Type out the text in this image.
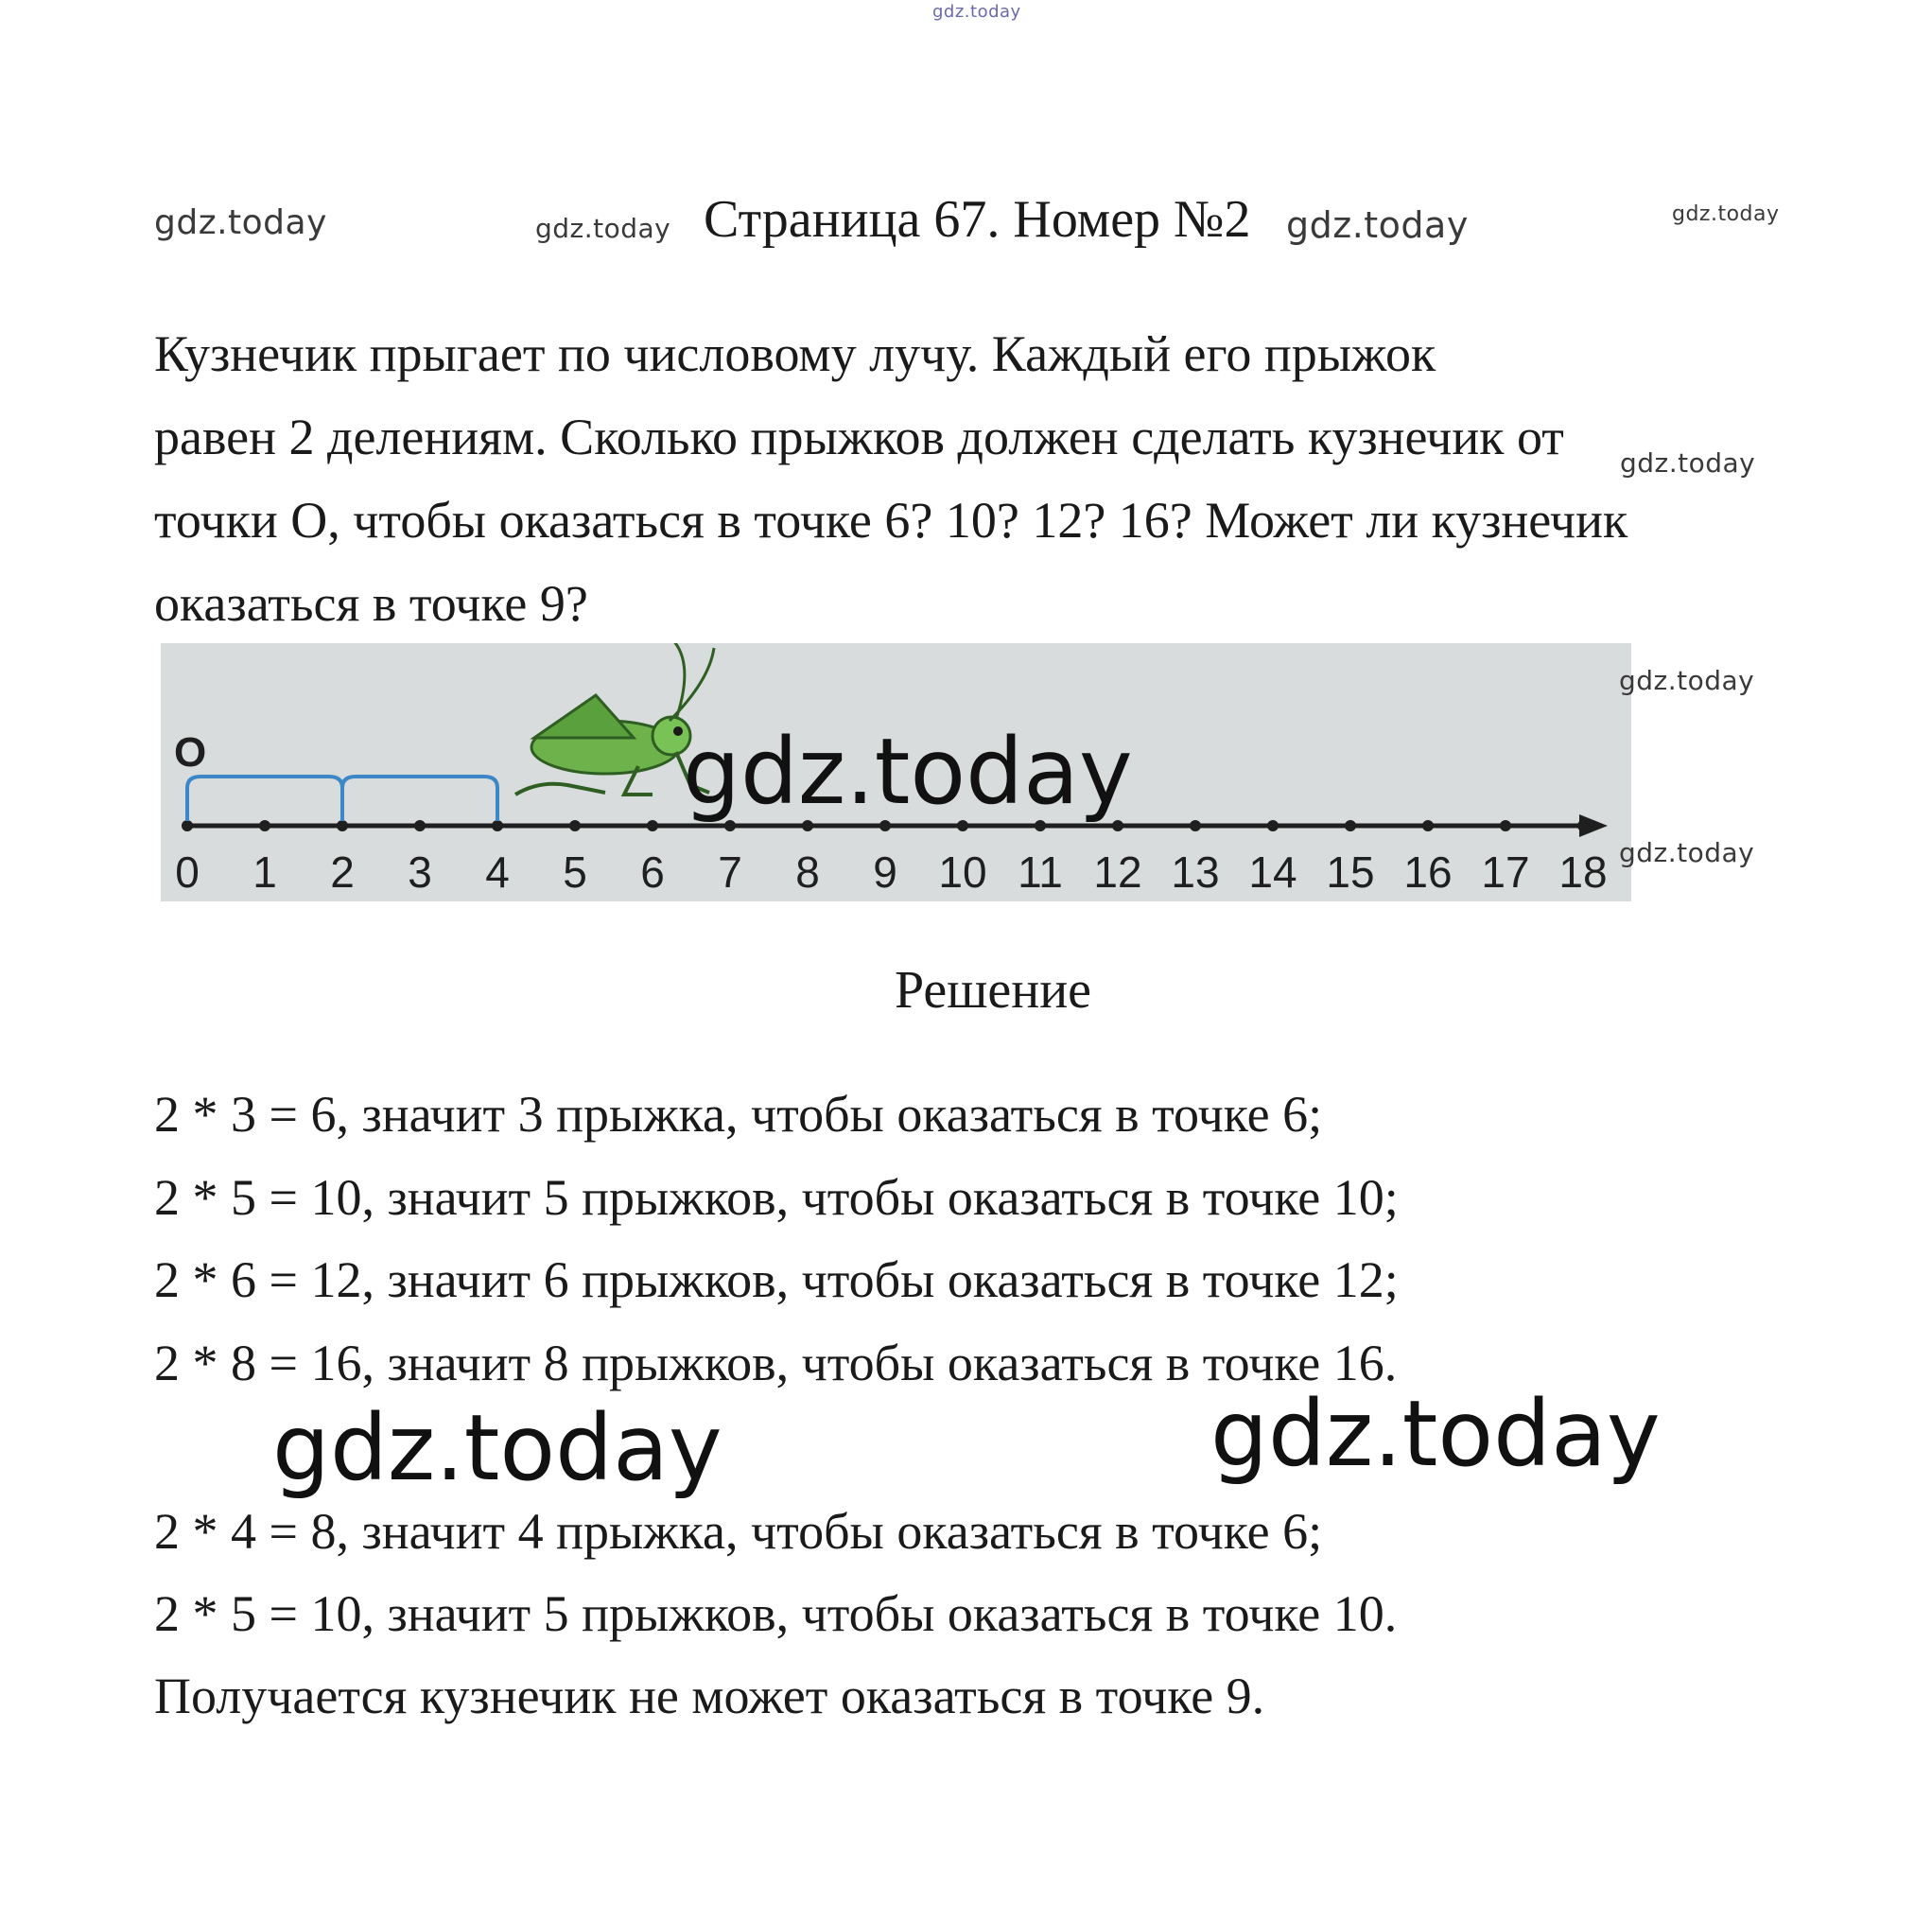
gdz.today
gdz.today	gdz.today	gdz.today	gdz.today
gdz.today
Страница 67. Номер №2

Кузнечик прыгает по числовому лучу. Каждый его прыжок

равен 2 делениям. Сколько прыжков должен сделать кузнечик от

точки О, чтобы оказаться в точке 6? 10? 12? 16? Может ли кузнечик

оказаться в точке 9?

O
0 1 2 3 4 5 6 7 8 9 10 11 12 13 14 15 16 17 18
gdz.today
gdz.today
gdz.today
Решение
2 * 3 = 6, значит 3 прыжка, чтобы оказаться в точке 6;
2 * 5 = 10, значит 5 прыжков, чтобы оказаться в точке 10;
2 * 6 = 12, значит 6 прыжков, чтобы оказаться в точке 12;
2 * 8 = 16, значит 8 прыжков, чтобы оказаться в точке 16.
gdz.today	gdz.today
2 * 4 = 8, значит 4 прыжка, чтобы оказаться в точке 6;
2 * 5 = 10, значит 5 прыжков, чтобы оказаться в точке 10.
Получается кузнечик не может оказаться в точке 9.
